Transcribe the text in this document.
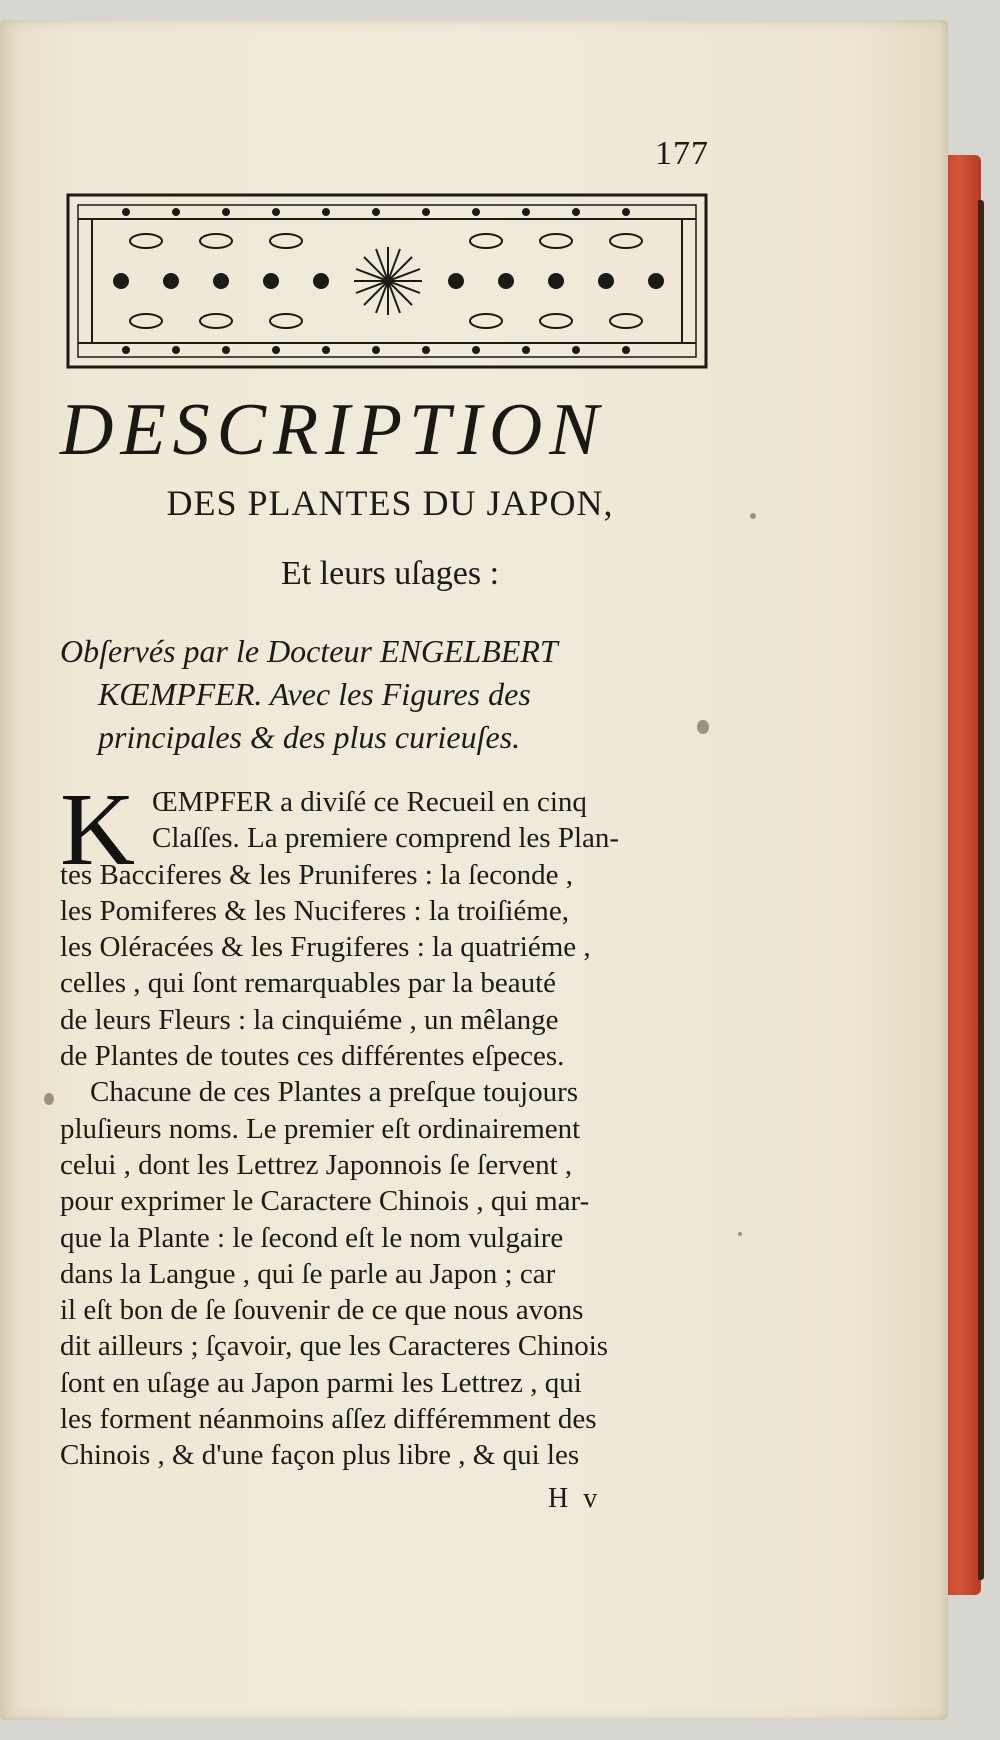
177
DESCRIPTION
DES PLANTES DU JAPON,
Et leurs uſages :
Obſervés par le Docteur ENGELBERT
KŒMPFER. Avec les Figures des
principales & des plus curieuſes.
K ŒMPFER a diviſé ce Recueil en cinq
Claſſes. La premiere comprend les Plan-
tes Bacciferes & les Pruniferes : la ſeconde ,
les Pomiferes & les Nuciferes : la troiſiéme,
les Oléracées & les Frugiferes : la quatriéme ,
celles , qui ſont remarquables par la beauté
de leurs Fleurs : la cinquiéme , un mêlange
de Plantes de toutes ces différentes eſpeces.
Chacune de ces Plantes a preſque toujours
pluſieurs noms. Le premier eſt ordinairement
celui , dont les Lettrez Japonnois ſe ſervent ,
pour exprimer le Caractere Chinois , qui mar-
que la Plante : le ſecond eſt le nom vulgaire
dans la Langue , qui ſe parle au Japon ; car
il eſt bon de ſe ſouvenir de ce que nous avons
dit ailleurs ; ſçavoir, que les Caracteres Chinois
ſont en uſage au Japon parmi les Lettrez , qui
les forment néanmoins aſſez différemment des
Chinois , & d'une façon plus libre , & qui les
H v
